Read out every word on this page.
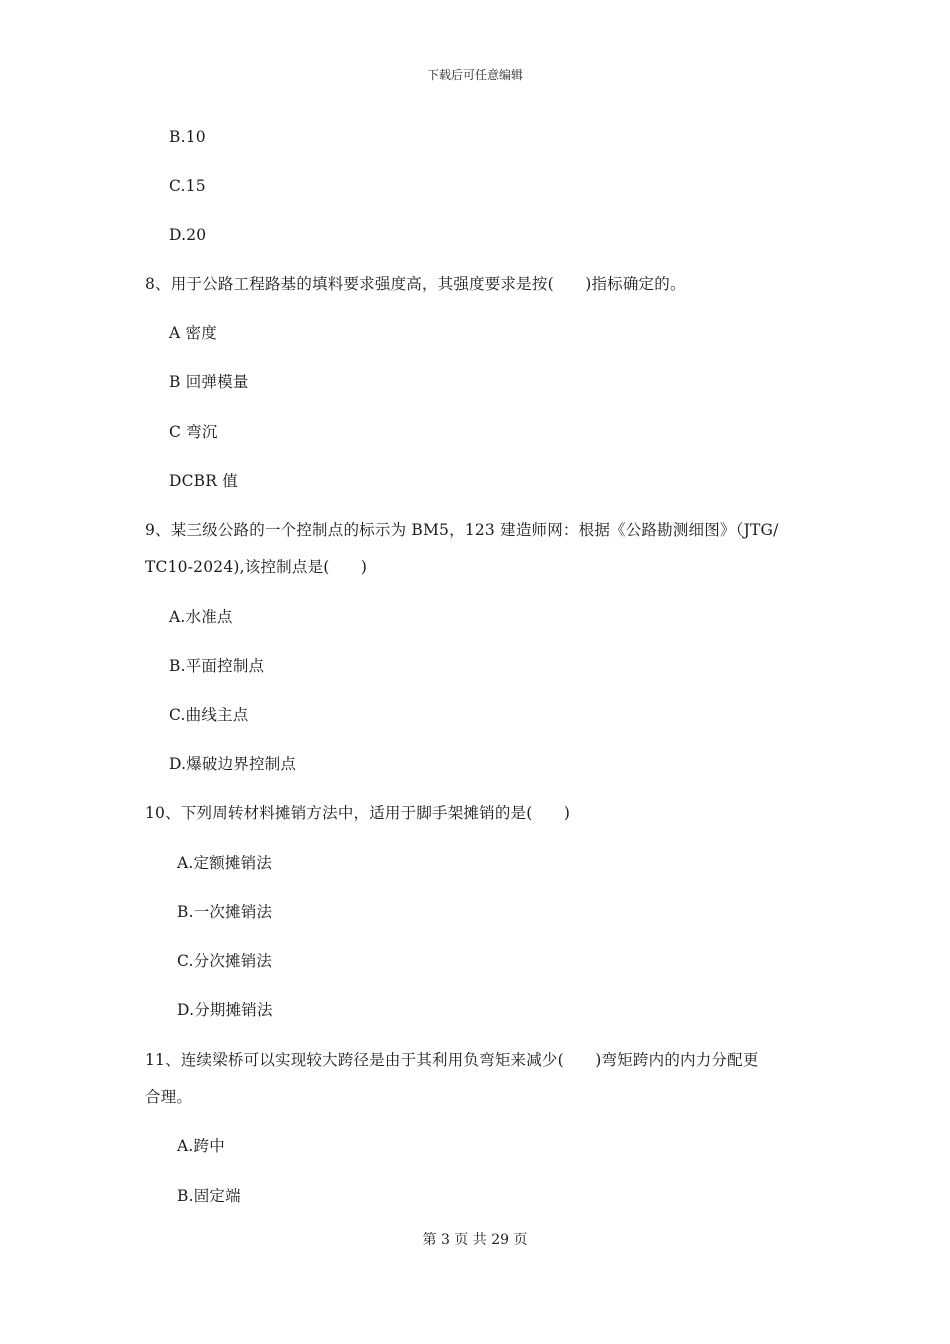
下载后可任意编辑
B.10
C.15
D.20
8、用于公路工程路基的填料要求强度高，其强度要求是按(　　)指标确定的。
A 密度
B 回弹模量
C 弯沉
DCBR 值
9、某三级公路的一个控制点的标示为 BM5，123 建造师网：根据《公路勘测细图》（JTG/
TC10-2024),该控制点是(　　)
A.水准点
B.平面控制点
C.曲线主点
D.爆破边界控制点
10、下列周转材料摊销方法中，适用于脚手架摊销的是(　　)
A.定额摊销法
B.一次摊销法
C.分次摊销法
D.分期摊销法
11、连续梁桥可以实现较大跨径是由于其利用负弯矩来减少(　　)弯矩跨内的内力分配更
合理。
A.跨中
B.固定端
第 3 页 共 29 页
